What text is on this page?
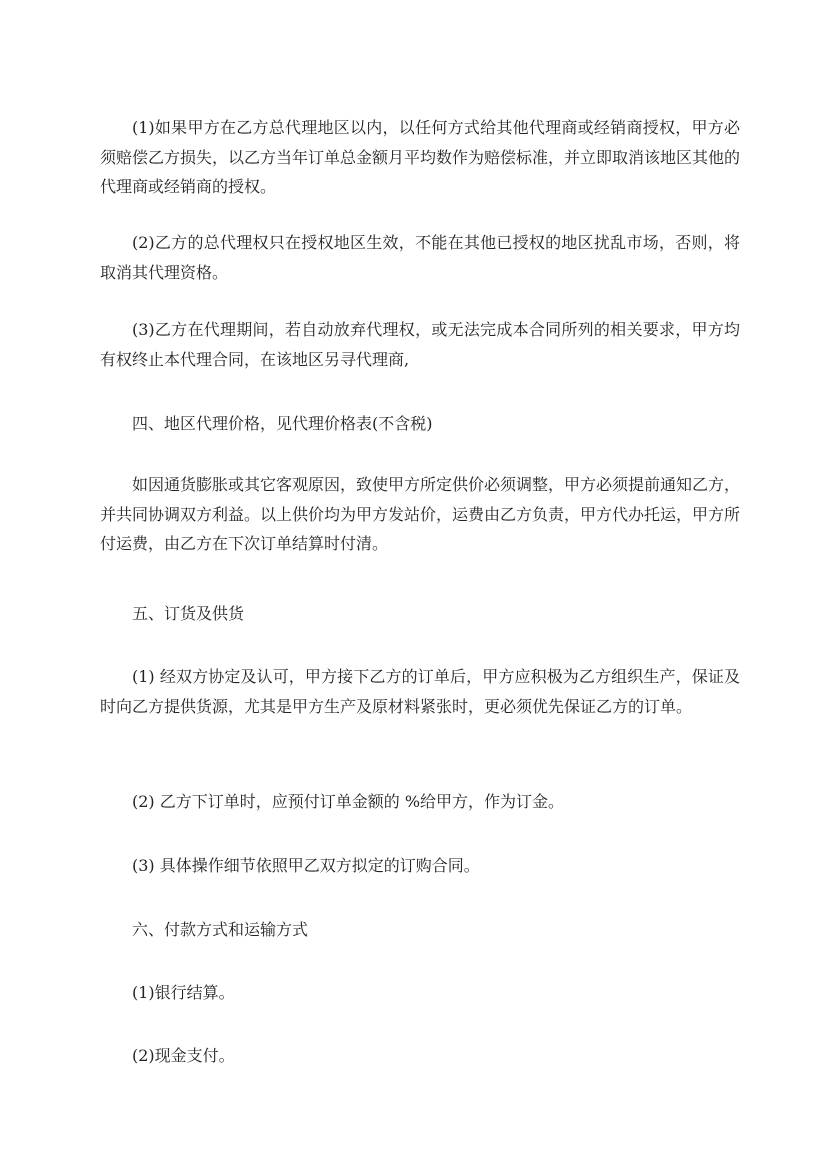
(1)如果甲方在乙方总代理地区以内，以任何方式给其他代理商或经销商授权，甲方必须赔偿乙方损失，以乙方当年订单总金额月平均数作为赔偿标准，并立即取消该地区其他的代理商或经销商的授权。

(2)乙方的总代理权只在授权地区生效，不能在其他已授权的地区扰乱市场，否则，将取消其代理资格。

(3)乙方在代理期间，若自动放弃代理权，或无法完成本合同所列的相关要求，甲方均有权终止本代理合同，在该地区另寻代理商,

四、地区代理价格，见代理价格表(不含税)

如因通货膨胀或其它客观原因，致使甲方所定供价必须调整，甲方必须提前通知乙方，并共同协调双方利益。以上供价均为甲方发站价，运费由乙方负责，甲方代办托运，甲方所付运费，由乙方在下次订单结算时付清。

五、订货及供货

(1) 经双方协定及认可，甲方接下乙方的订单后，甲方应积极为乙方组织生产，保证及时向乙方提供货源，尤其是甲方生产及原材料紧张时，更必须优先保证乙方的订单。

(2) 乙方下订单时，应预付订单金额的 %给甲方，作为订金。

(3) 具体操作细节依照甲乙双方拟定的订购合同。

六、付款方式和运输方式

(1)银行结算。

(2)现金支付。
